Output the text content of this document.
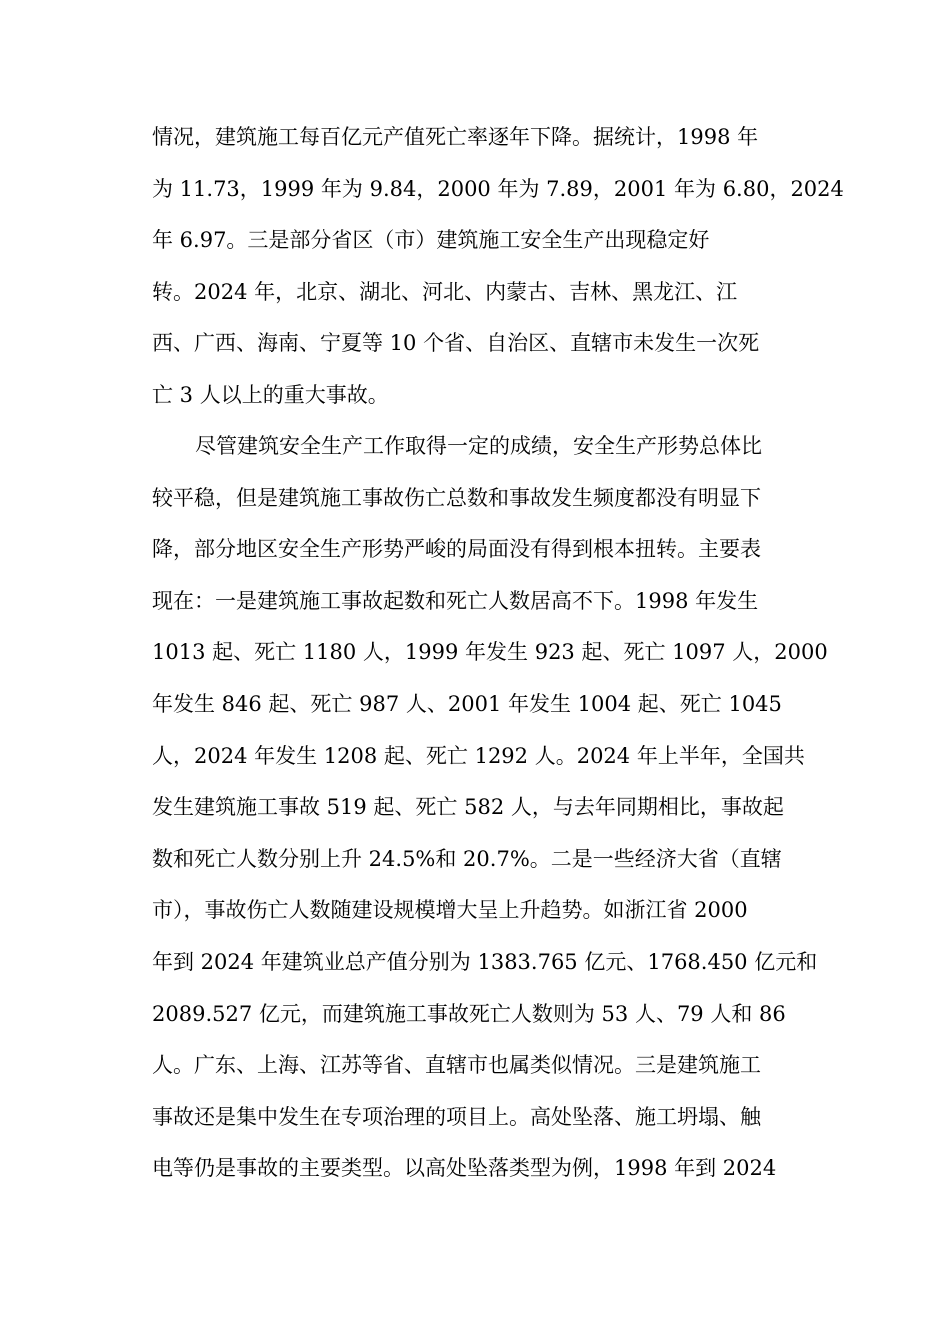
情况，建筑施工每百亿元产值死亡率逐年下降。据统计，1998 年
为 11.73，1999 年为 9.84，2000 年为 7.89，2001 年为 6.80，2024
年 6.97。三是部分省区（市）建筑施工安全生产出现稳定好
转。2024 年，北京、湖北、河北、内蒙古、吉林、黑龙江、江
西、广西、海南、宁夏等 10 个省、自治区、直辖市未发生一次死
亡 3 人以上的重大事故。
尽管建筑安全生产工作取得一定的成绩，安全生产形势总体比
较平稳，但是建筑施工事故伤亡总数和事故发生频度都没有明显下
降，部分地区安全生产形势严峻的局面没有得到根本扭转。主要表
现在：一是建筑施工事故起数和死亡人数居高不下。1998 年发生
1013 起、死亡 1180 人，1999 年发生 923 起、死亡 1097 人，2000
年发生 846 起、死亡 987 人、2001 年发生 1004 起、死亡 1045
人，2024 年发生 1208 起、死亡 1292 人。2024 年上半年，全国共
发生建筑施工事故 519 起、死亡 582 人，与去年同期相比，事故起
数和死亡人数分别上升 24.5%和 20.7%。二是一些经济大省（直辖
市），事故伤亡人数随建设规模增大呈上升趋势。如浙江省 2000
年到 2024 年建筑业总产值分别为 1383.765 亿元、1768.450 亿元和
2089.527 亿元，而建筑施工事故死亡人数则为 53 人、79 人和 86
人。广东、上海、江苏等省、直辖市也属类似情况。三是建筑施工
事故还是集中发生在专项治理的项目上。高处坠落、施工坍塌、触
电等仍是事故的主要类型。以高处坠落类型为例，1998 年到 2024
